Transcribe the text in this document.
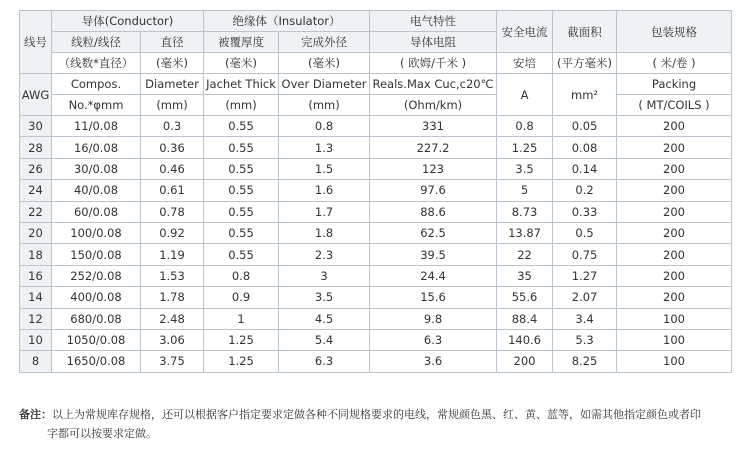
线号	导体(Conductor)		绝缘体（Insulator）		电气特性	安全电流	截面积	包装规格
	线粒/线径	直径	被覆厚度	完成外径	导体电阻			
	（线数*直径）	(毫米)	(毫米)	(毫米)	( 欧姆/千米 )	安培	(平方毫米)	( 米/卷 )
AWG	Compos.	Diameter	Jachet Thick	Over Diameter	Reals.Max Cuc,c20℃	A	mm²	Packing
	No.*φmm	(mm)	(mm)	(mm)	(Ohm/km)			( MT/COILS )
30	11/0.08	0.3	0.55	0.8	331	0.8	0.05	200
28	16/0.08	0.36	0.55	1.3	227.2	1.25	0.08	200
26	30/0.08	0.46	0.55	1.5	123	3.5	0.14	200
24	40/0.08	0.61	0.55	1.6	97.6	5	0.2	200
22	60/0.08	0.78	0.55	1.7	88.6	8.73	0.33	200
20	100/0.08	0.92	0.55	1.8	62.5	13.87	0.5	200
18	150/0.08	1.19	0.55	2.3	39.5	22	0.75	200
16	252/0.08	1.53	0.8	3	24.4	35	1.27	200
14	400/0.08	1.78	0.9	3.5	15.6	55.6	2.07	200
12	680/0.08	2.48	1	4.5	9.8	88.4	3.4	100
10	1050/0.08	3.06	1.25	5.4	6.3	140.6	5.3	100
8	1650/0.08	3.75	1.25	6.3	3.6	200	8.25	100
备注：以上为常规库存规格，还可以根据客户指定要求定做各种不同规格要求的电线，常规颜色黑、红、黄、蓝等，如需其他指定颜色或者印
字都可以按要求定做。
